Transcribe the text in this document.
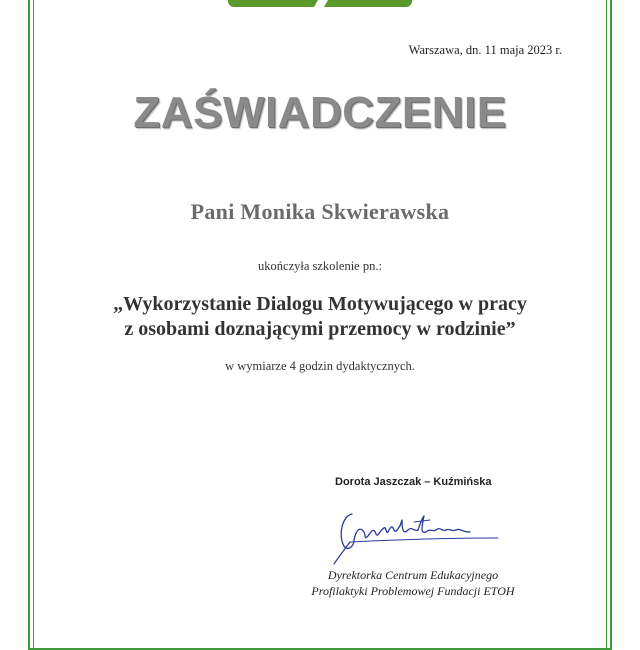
Warszawa, dn. 11 maja 2023 r.
ZAŚWIADCZENIE
Pani Monika Skwierawska
ukończyła szkolenie pn.:
„Wykorzystanie Dialogu Motywującego w pracy
z osobami doznającymi przemocy w rodzinie”
w wymiarze 4 godzin dydaktycznych.
Dorota Jaszczak – Kuźmińska
Dyrektorka Centrum Edukacyjnego
Profilaktyki Problemowej Fundacji ETOH
